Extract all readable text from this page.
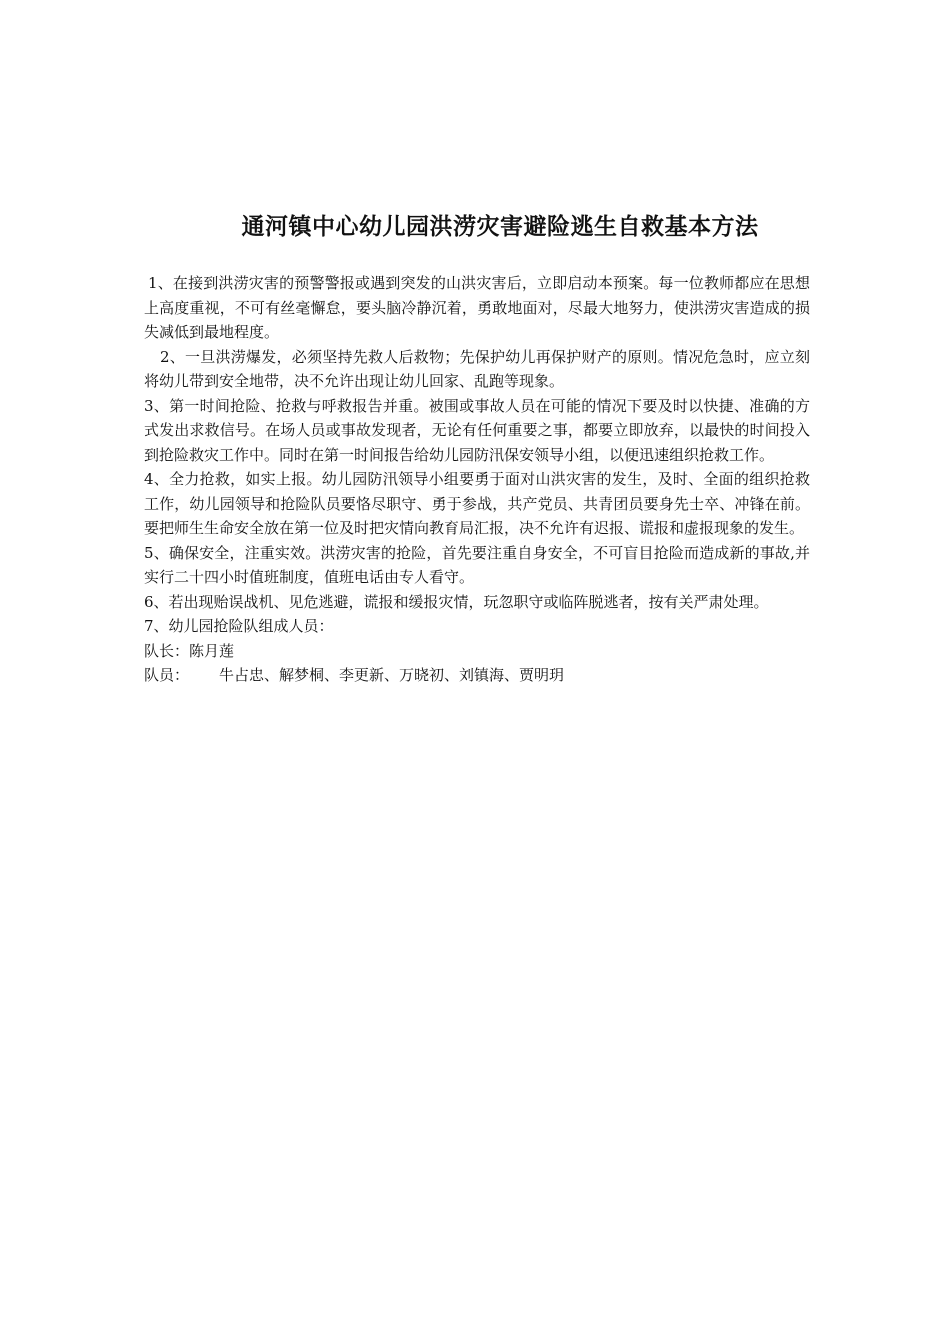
通河镇中心幼儿园洪涝灾害避险逃生自救基本方法

1、在接到洪涝灾害的预警警报或遇到突发的山洪灾害后，立即启动本预案。每一位教师都应在思想上高度重视，不可有丝毫懈怠，要头脑冷静沉着，勇敢地面对，尽最大地努力，使洪涝灾害造成的损失减低到最地程度。

2、一旦洪涝爆发，必须坚持先救人后救物；先保护幼儿再保护财产的原则。情况危急时，应立刻将幼儿带到安全地带，决不允许出现让幼儿回家、乱跑等现象。

3、第一时间抢险、抢救与呼救报告并重。被围或事故人员在可能的情况下要及时以快捷、准确的方式发出求救信号。在场人员或事故发现者，无论有任何重要之事，都要立即放弃，以最快的时间投入到抢险救灾工作中。同时在第一时间报告给幼儿园防汛保安领导小组，以便迅速组织抢救工作。

4、全力抢救，如实上报。幼儿园防汛领导小组要勇于面对山洪灾害的发生，及时、全面的组织抢救工作，幼儿园领导和抢险队员要恪尽职守、勇于参战，共产党员、共青团员要身先士卒、冲锋在前。要把师生生命安全放在第一位及时把灾情向教育局汇报，决不允许有迟报、谎报和虚报现象的发生。

5、确保安全，注重实效。洪涝灾害的抢险，首先要注重自身安全，不可盲目抢险而造成新的事故,并实行二十四小时值班制度，值班电话由专人看守。

6、若出现贻误战机、见危逃避，谎报和缓报灾情，玩忽职守或临阵脱逃者，按有关严肃处理。

7、幼儿园抢险队组成人员：

队长：陈月莲

队员： 牛占忠、解梦桐、李更新、万晓初、刘镇海、贾明玥
